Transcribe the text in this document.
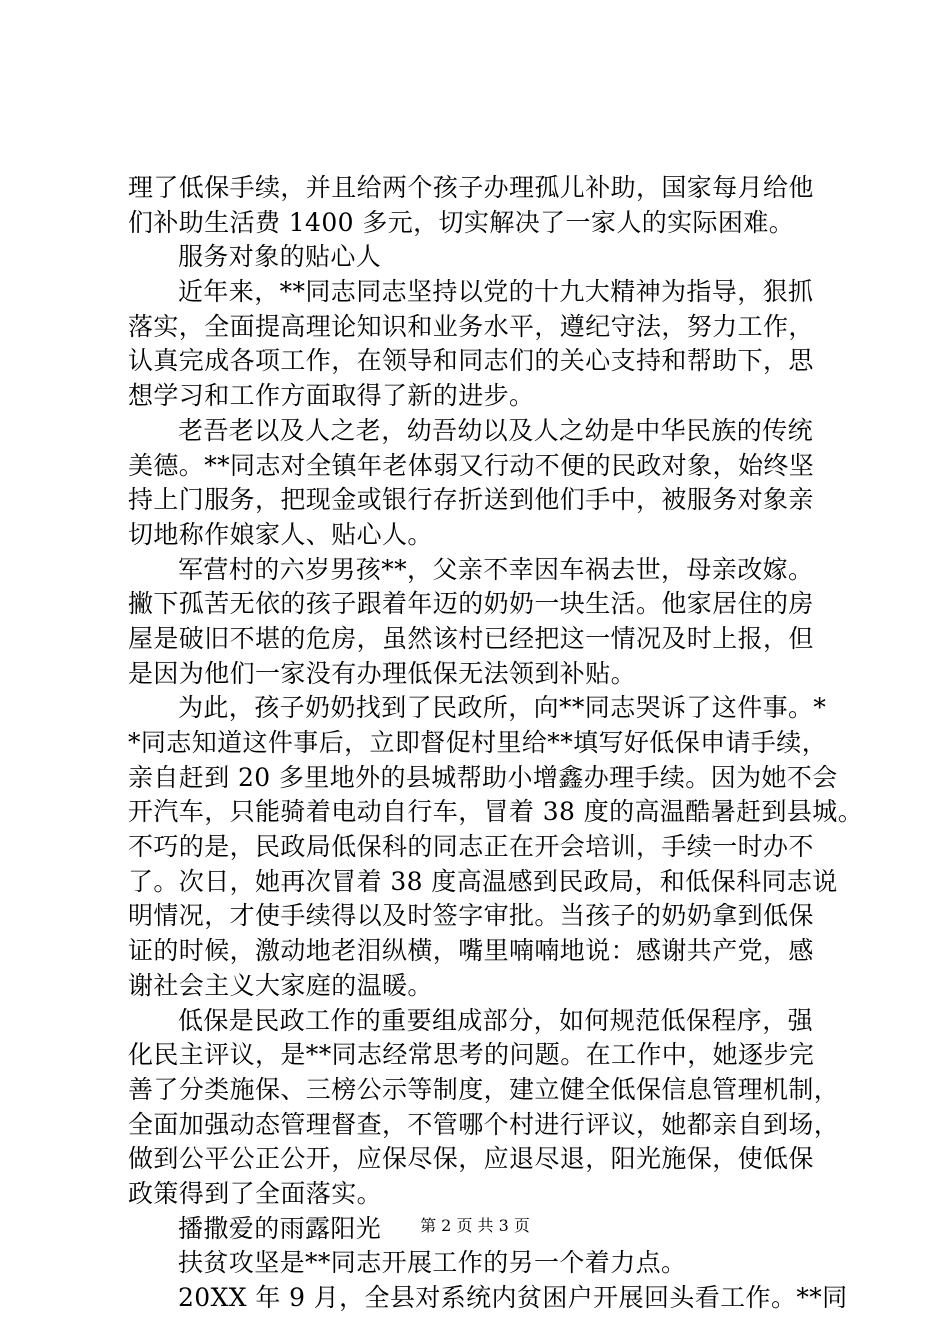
理了低保手续，并且给两个孩子办理孤儿补助，国家每月给他
们补助生活费 1400 多元，切实解决了一家人的实际困难。
服务对象的贴心人
近年来，**同志同志坚持以党的十九大精神为指导，狠抓
落实，全面提高理论知识和业务水平，遵纪守法，努力工作，
认真完成各项工作，在领导和同志们的关心支持和帮助下，思
想学习和工作方面取得了新的进步。
老吾老以及人之老，幼吾幼以及人之幼是中华民族的传统
美德。**同志对全镇年老体弱又行动不便的民政对象，始终坚
持上门服务，把现金或银行存折送到他们手中，被服务对象亲
切地称作娘家人、贴心人。
军营村的六岁男孩**，父亲不幸因车祸去世，母亲改嫁。
撇下孤苦无依的孩子跟着年迈的奶奶一块生活。他家居住的房
屋是破旧不堪的危房，虽然该村已经把这一情况及时上报，但
是因为他们一家没有办理低保无法领到补贴。
为此，孩子奶奶找到了民政所，向**同志哭诉了这件事。*
*同志知道这件事后，立即督促村里给**填写好低保申请手续，
亲自赶到 20 多里地外的县城帮助小增鑫办理手续。因为她不会
开汽车，只能骑着电动自行车，冒着 38 度的高温酷暑赶到县城。
不巧的是，民政局低保科的同志正在开会培训，手续一时办不
了。次日，她再次冒着 38 度高温感到民政局，和低保科同志说
明情况，才使手续得以及时签字审批。当孩子的奶奶拿到低保
证的时候，激动地老泪纵横，嘴里喃喃地说：感谢共产党，感
谢社会主义大家庭的温暖。
低保是民政工作的重要组成部分，如何规范低保程序，强
化民主评议，是**同志经常思考的问题。在工作中，她逐步完
善了分类施保、三榜公示等制度，建立健全低保信息管理机制，
全面加强动态管理督查，不管哪个村进行评议，她都亲自到场，
做到公平公正公开，应保尽保，应退尽退，阳光施保，使低保
政策得到了全面落实。
播撒爱的雨露阳光
扶贫攻坚是**同志开展工作的另一个着力点。
20XX 年 9 月，全县对系统内贫困户开展回头看工作。**同
第 2 页 共 3 页
